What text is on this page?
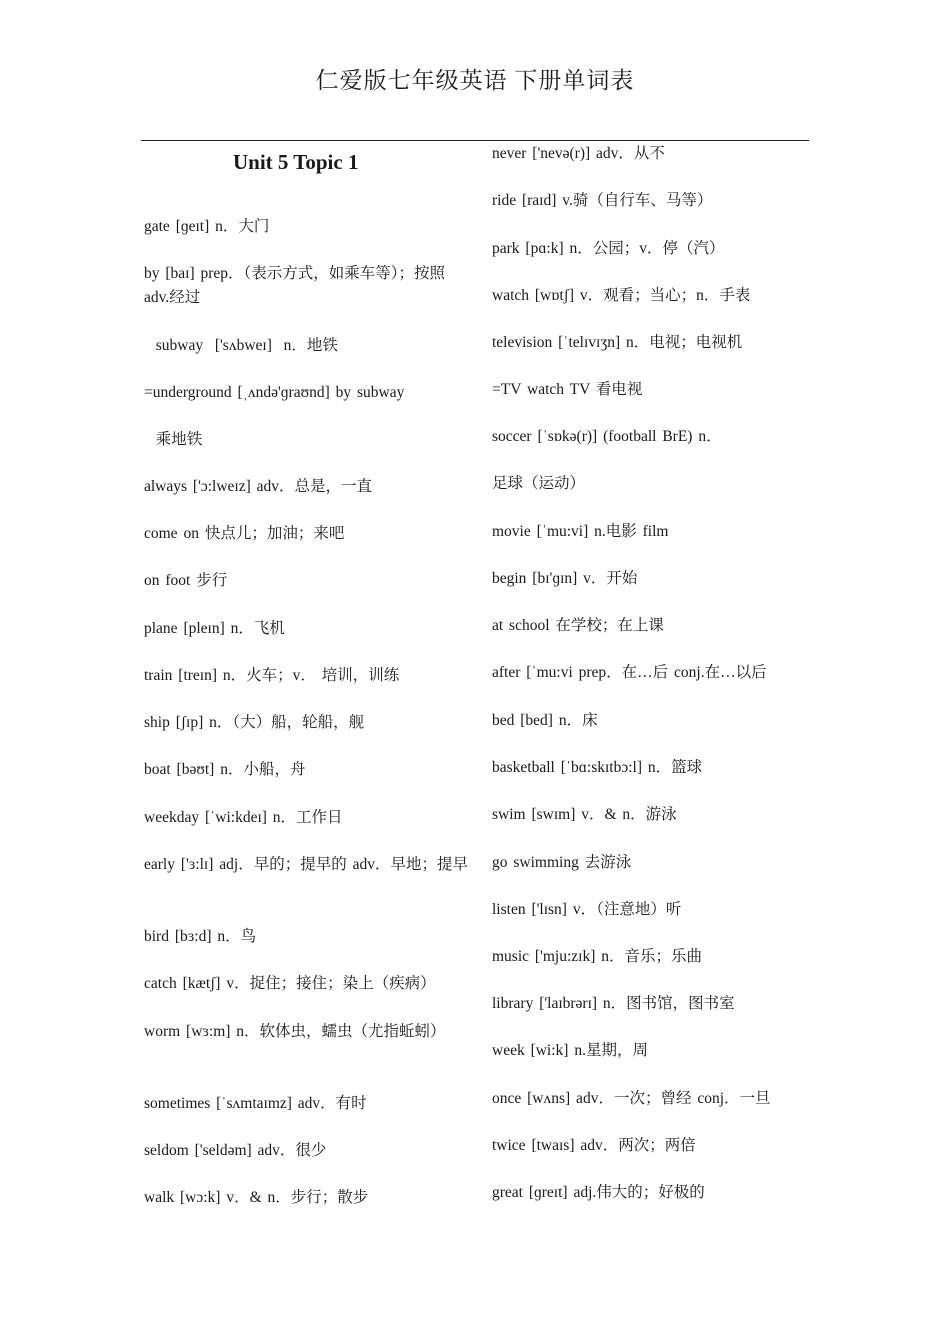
仁爱版七年级英语 下册单词表
Unit 5 Topic 1
gate [ɡeɪt] n．大门
by [baɪ] prep．（表示方式，如乘车等）；按照 adv.经过
subway  ['sʌbweɪ]  n．地铁
=underground [ˌʌndə'ɡraʊnd] by subway
乘地铁
always ['ɔ:lweɪz] adv．总是，一直
come on 快点儿；加油；来吧
on foot 步行
plane [pleɪn] n．飞机
train [treɪn] n．火车；v． 培训，训练
ship [ʃɪp] n．（大）船，轮船，舰
boat [bəʊt] n．小船，舟
weekday [ˈwi:kdeɪ] n．工作日
early ['ɜ:lɪ] adj．早的；提早的 adv．早地；提早
bird [bɜ:d] n．鸟
catch [kætʃ] v．捉住；接住；染上（疾病）
worm [wɜ:m] n．软体虫，蠕虫（尤指蚯蚓）
sometimes [ˈsʌmtaɪmz] adv．有时
seldom ['seldəm] adv．很少
walk [wɔ:k] v．& n．步行；散步
never ['nevə(r)] adv．从不
ride [raɪd] v.骑（自行车、马等）
park [pɑ:k] n．公园；v．停（汽）
watch [wɒtʃ] v．观看；当心；n．手表
television [ˈtelɪvɪʒn] n．电视；电视机
=TV watch TV 看电视
soccer [ˈsɒkə(r)] (football BrE) n．
足球（运动）
movie [ˈmu:vi] n.电影 film
begin [bɪ'ɡɪn] v．开始
at school 在学校；在上课
after [ˈmu:vi prep．在…后 conj.在…以后
bed [bed] n．床
basketball [ˈbɑ:skɪtbɔ:l] n．篮球
swim [swɪm] v．& n．游泳
go swimming 去游泳
listen ['lɪsn] v．（注意地）听
music ['mju:zɪk] n．音乐；乐曲
library ['laɪbrərɪ] n．图书馆，图书室
week [wi:k] n.星期，周
once [wʌns] adv．一次；曾经 conj．一旦
twice [twaɪs] adv．两次；两倍
great [ɡreɪt] adj.伟大的；好极的
